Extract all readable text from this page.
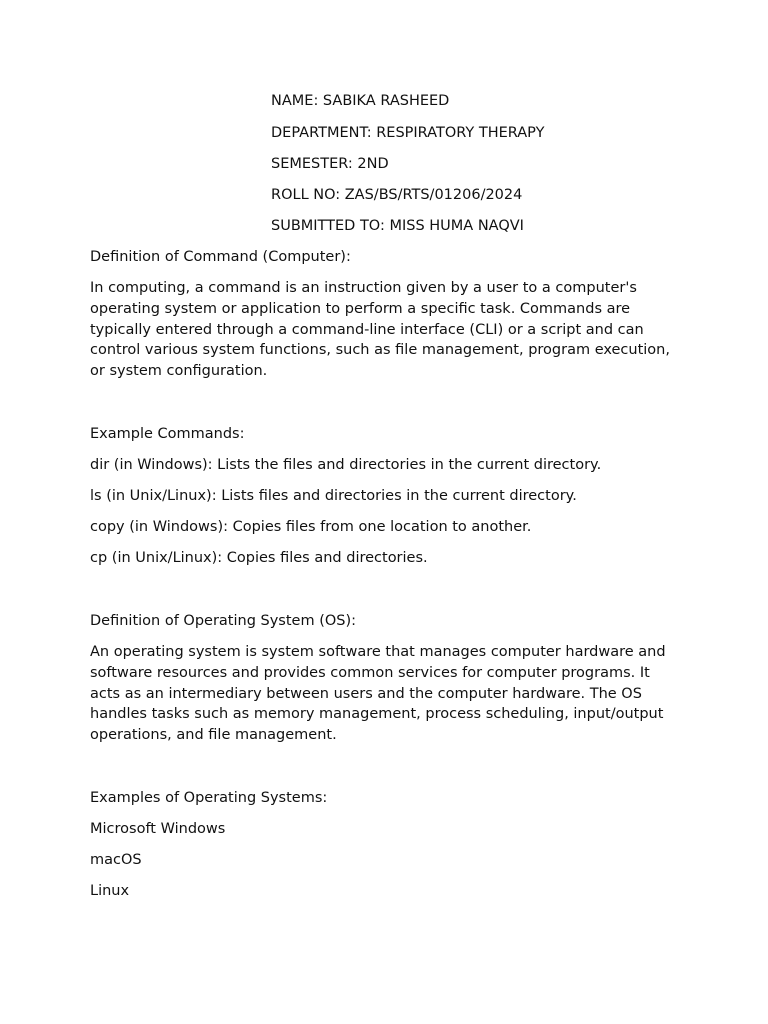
NAME: SABIKA RASHEED

DEPARTMENT: RESPIRATORY THERAPY

SEMESTER: 2ND

ROLL NO: ZAS/BS/RTS/01206/2024

SUBMITTED TO: MISS HUMA NAQVI

Definition of Command (Computer):

In computing, a command is an instruction given by a user to a computer's operating system or application to perform a specific task. Commands are typically entered through a command-line interface (CLI) or a script and can control various system functions, such as file management, program execution, or system configuration.

Example Commands:

dir (in Windows): Lists the files and directories in the current directory.

ls (in Unix/Linux): Lists files and directories in the current directory.

copy (in Windows): Copies files from one location to another.

cp (in Unix/Linux): Copies files and directories.

Definition of Operating System (OS):

An operating system is system software that manages computer hardware and software resources and provides common services for computer programs. It acts as an intermediary between users and the computer hardware. The OS handles tasks such as memory management, process scheduling, input/output operations, and file management.

Examples of Operating Systems:

Microsoft Windows

macOS

Linux
